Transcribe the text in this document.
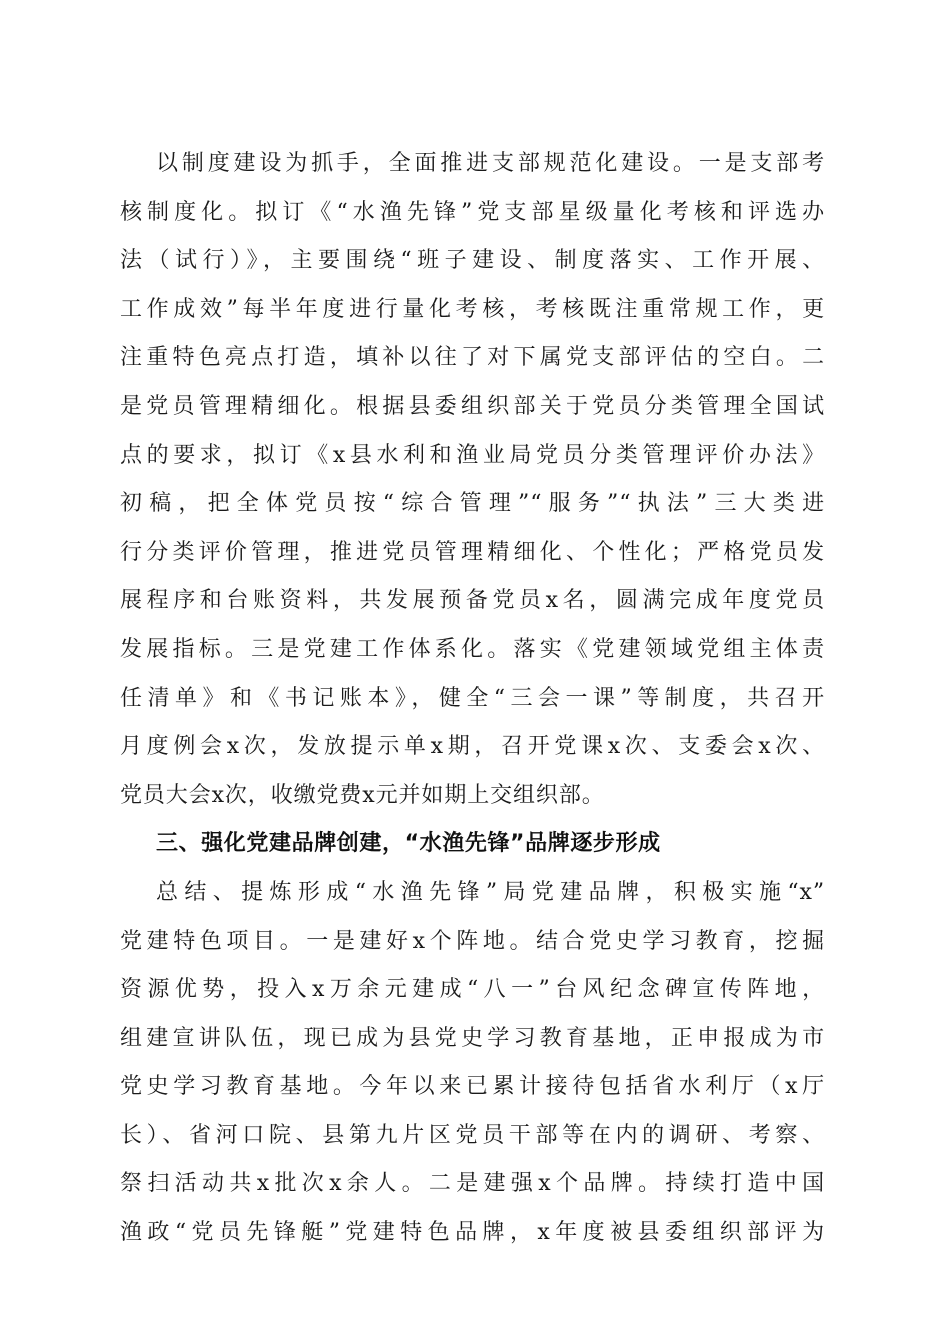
以制度建设为抓手，全面推进支部规范化建设。一是支部考
核制度化。拟订《“水渔先锋”党支部星级量化考核和评选办
法（试行）》，主要围绕“班子建设、制度落实、工作开展、
工作成效”每半年度进行量化考核，考核既注重常规工作，更
注重特色亮点打造，填补以往了对下属党支部评估的空白。二
是党员管理精细化。根据县委组织部关于党员分类管理全国试
点的要求，拟订《x县水利和渔业局党员分类管理评价办法》
初稿，把全体党员按“综合管理”“服务”“执法”三大类进
行分类评价管理，推进党员管理精细化、个性化；严格党员发
展程序和台账资料，共发展预备党员x名，圆满完成年度党员
发展指标。三是党建工作体系化。落实《党建领域党组主体责
任清单》和《书记账本》，健全“三会一课”等制度，共召开
月度例会x次，发放提示单x期，召开党课x次、支委会x次、
党员大会x次，收缴党费x元并如期上交组织部。
三、强化党建品牌创建，“水渔先锋”品牌逐步形成
总结、提炼形成“水渔先锋”局党建品牌，积极实施“x”
党建特色项目。一是建好x个阵地。结合党史学习教育，挖掘
资源优势，投入x万余元建成“八一”台风纪念碑宣传阵地，
组建宣讲队伍，现已成为县党史学习教育基地，正申报成为市
党史学习教育基地。今年以来已累计接待包括省水利厅（x厅
长）、省河口院、县第九片区党员干部等在内的调研、考察、
祭扫活动共x批次x余人。二是建强x个品牌。持续打造中国
渔政“党员先锋艇”党建特色品牌，x年度被县委组织部评为
